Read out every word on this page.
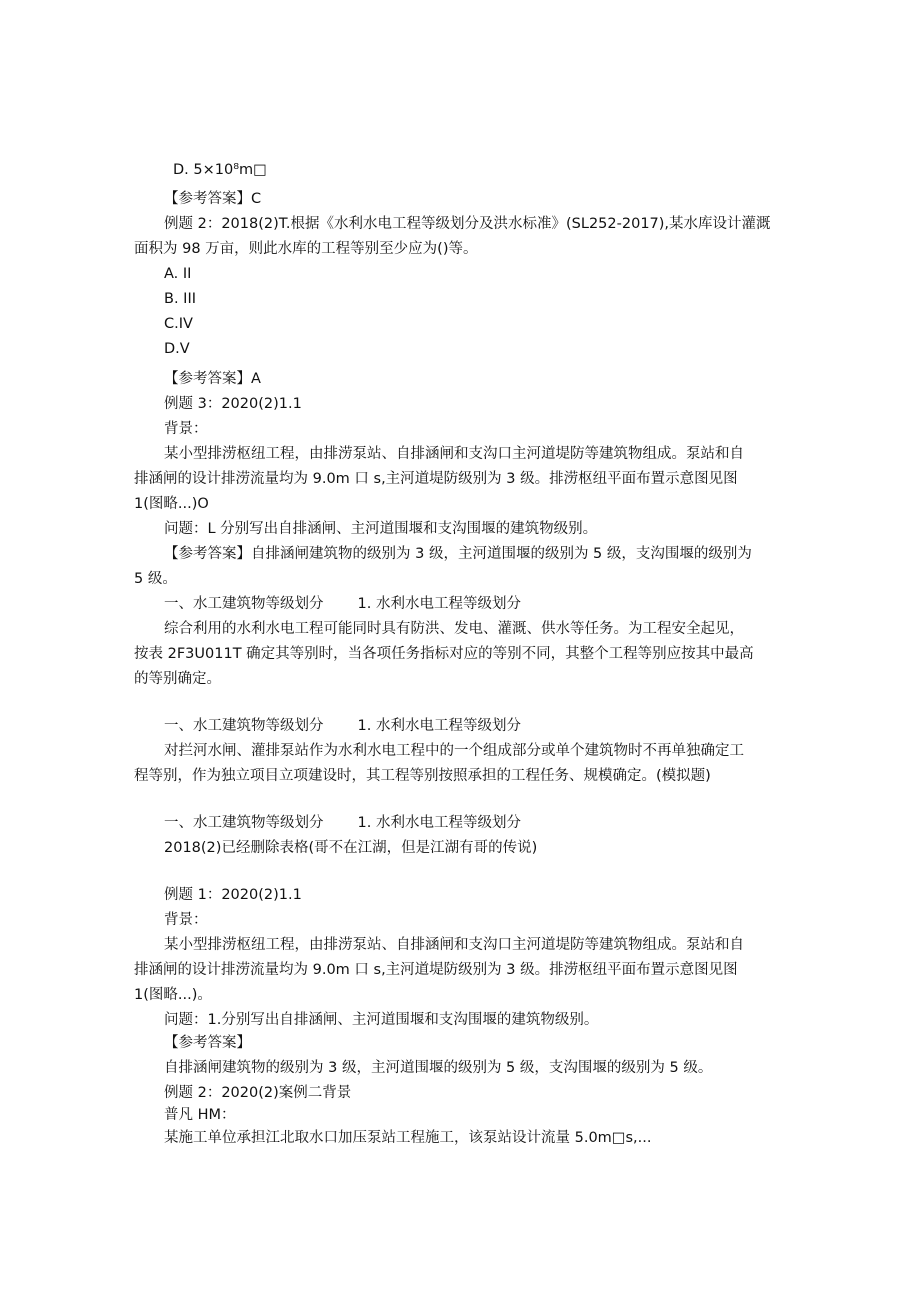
D. 5×10⁸m□
【参考答案】C
例题 2：2018(2)T.根据《水利水电工程等级划分及洪水标准》(SL252-2017),某水库设计灌溉
面积为 98 万亩，则此水库的工程等别至少应为()等。
A. II
B. III
C.IV
D.V
【参考答案】A
例题 3：2020(2)1.1
背景：
某小型排涝枢纽工程，由排涝泵站、自排涵闸和支沟口主河道堤防等建筑物组成。泵站和自
排涵闸的设计排涝流量均为 9.0m 口 s,主河道堤防级别为 3 级。排涝枢纽平面布置示意图见图
1(图略...)O
问题：L 分别写出自排涵闸、主河道围堰和支沟围堰的建筑物级别。
【参考答案】自排涵闸建筑物的级别为 3 级，主河道围堰的级别为 5 级，支沟围堰的级别为
5 级。
一、水工建筑物等级划分 1. 水利水电工程等级划分
综合利用的水利水电工程可能同时具有防洪、发电、灌溉、供水等任务。为工程安全起见，
按表 2F3U011T 确定其等别时，当各项任务指标对应的等别不同，其整个工程等别应按其中最高
的等别确定。
一、水工建筑物等级划分 1. 水利水电工程等级划分
对拦河水闸、灌排泵站作为水利水电工程中的一个组成部分或单个建筑物时不再单独确定工
程等别，作为独立项目立项建设时，其工程等别按照承担的工程任务、规模确定。(模拟题)
一、水工建筑物等级划分 1. 水利水电工程等级划分
2018(2)已经删除表格(哥不在江湖，但是江湖有哥的传说)
例题 1：2020(2)1.1
背景：
某小型排涝枢纽工程，由排涝泵站、自排涵闸和支沟口主河道堤防等建筑物组成。泵站和自
排涵闸的设计排涝流量均为 9.0m 口 s,主河道堤防级别为 3 级。排涝枢纽平面布置示意图见图
1(图略...)。
问题：1.分别写出自排涵闸、主河道围堰和支沟围堰的建筑物级别。
【参考答案】
自排涵闸建筑物的级别为 3 级，主河道围堰的级别为 5 级，支沟围堰的级别为 5 级。
例题 2：2020(2)案例二背景
普凡 HM：
某施工单位承担江北取水口加压泵站工程施工，该泵站设计流量 5.0m□s,...
